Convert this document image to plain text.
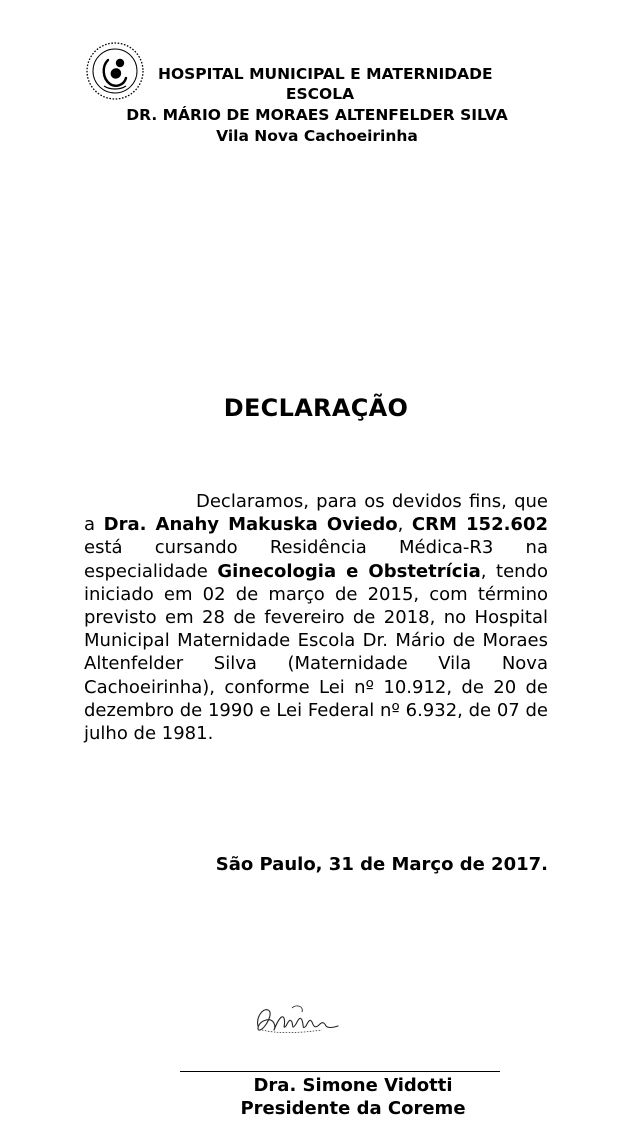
HOSPITAL MUNICIPAL E MATERNIDADE
ESCOLA
DR. MÁRIO DE MORAES ALTENFELDER SILVA
Vila Nova Cachoeirinha
DECLARAÇÃO
Declaramos, para os devidos fins, que a Dra. Anahy Makuska Oviedo, CRM 152.602 está cursando Residência Médica-R3 na especialidade Ginecologia e Obstetrícia, tendo iniciado em 02 de março de 2015, com término previsto em 28 de fevereiro de 2018, no Hospital Municipal Maternidade Escola Dr. Mário de Moraes Altenfelder Silva (Maternidade Vila Nova Cachoeirinha), conforme Lei nº 10.912, de 20 de dezembro de 1990 e Lei Federal nº 6.932, de 07 de julho de 1981.
São Paulo, 31 de Março de 2017.
Dra. Simone Vidotti
Presidente da Coreme
